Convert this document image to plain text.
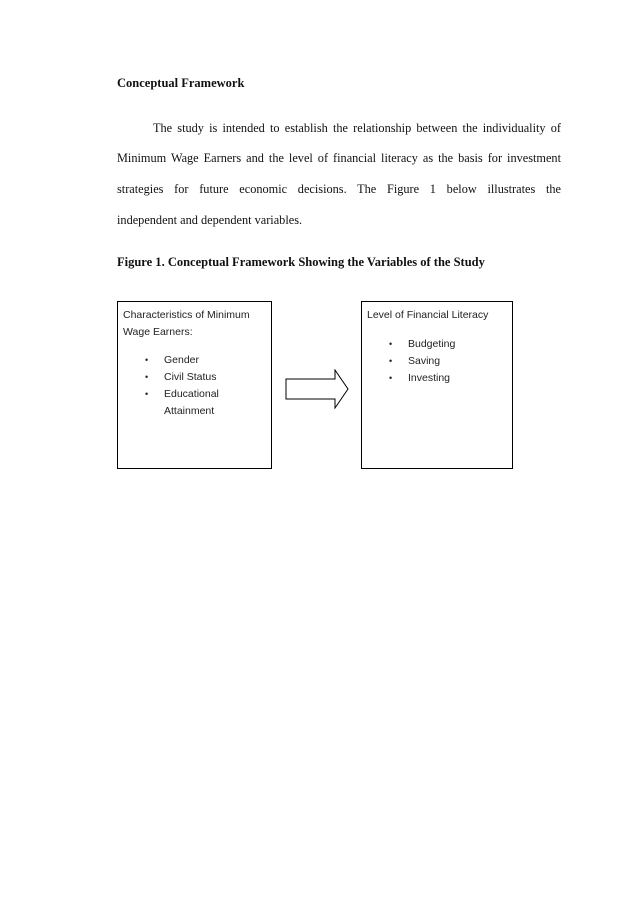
Conceptual Framework
The study is intended to establish the relationship between the individuality of
Minimum Wage Earners and the level of financial literacy as the basis for investment
strategies for future economic decisions. The Figure 1 below illustrates the
independent and dependent variables.
Figure 1. Conceptual Framework Showing the Variables of the Study
Characteristics of Minimum Wage Earners:
• Gender
• Civil Status
• Educational Attainment
Level of Financial Literacy
• Budgeting
• Saving
• Investing
